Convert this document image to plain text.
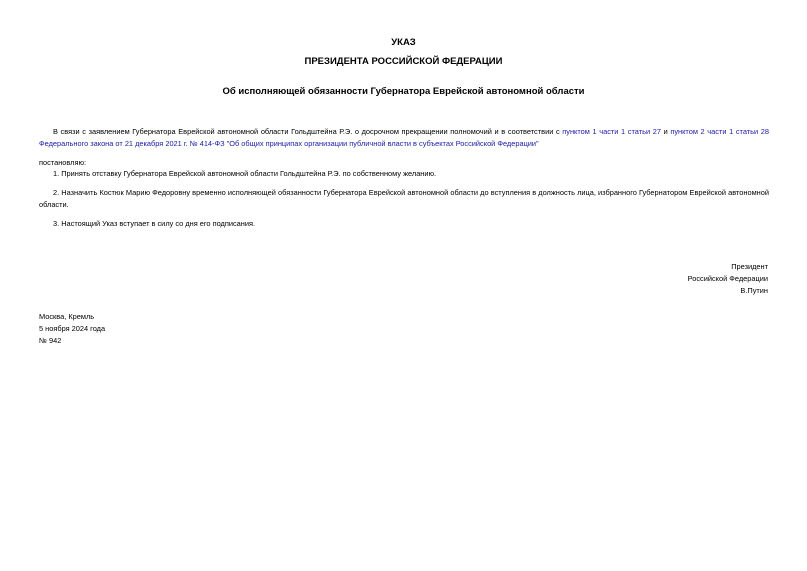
УКАЗ
ПРЕЗИДЕНТА РОССИЙСКОЙ ФЕДЕРАЦИИ
Об исполняющей обязанности Губернатора Еврейской автономной области
В связи с заявлением Губернатора Еврейской автономной области Гольдштейна Р.Э. о досрочном прекращении полномочий и в соответствии с пунктом 1 части 1 статьи 27 и пунктом 2 части 1 статьи 28 Федерального закона от 21 декабря 2021 г. № 414-ФЗ "Об общих принципах организации публичной власти в субъектах Российской Федерации"
постановляю:
1. Принять отставку Губернатора Еврейской автономной области Гольдштейна Р.Э. по собственному желанию.
2. Назначить Костюк Марию Федоровну временно исполняющей обязанности Губернатора Еврейской автономной области до вступления в должность лица, избранного Губернатором Еврейской автономной области.
3. Настоящий Указ вступает в силу со дня его подписания.
Президент
Российской Федерации
В.Путин
Москва, Кремль
5 ноября 2024 года
№ 942
